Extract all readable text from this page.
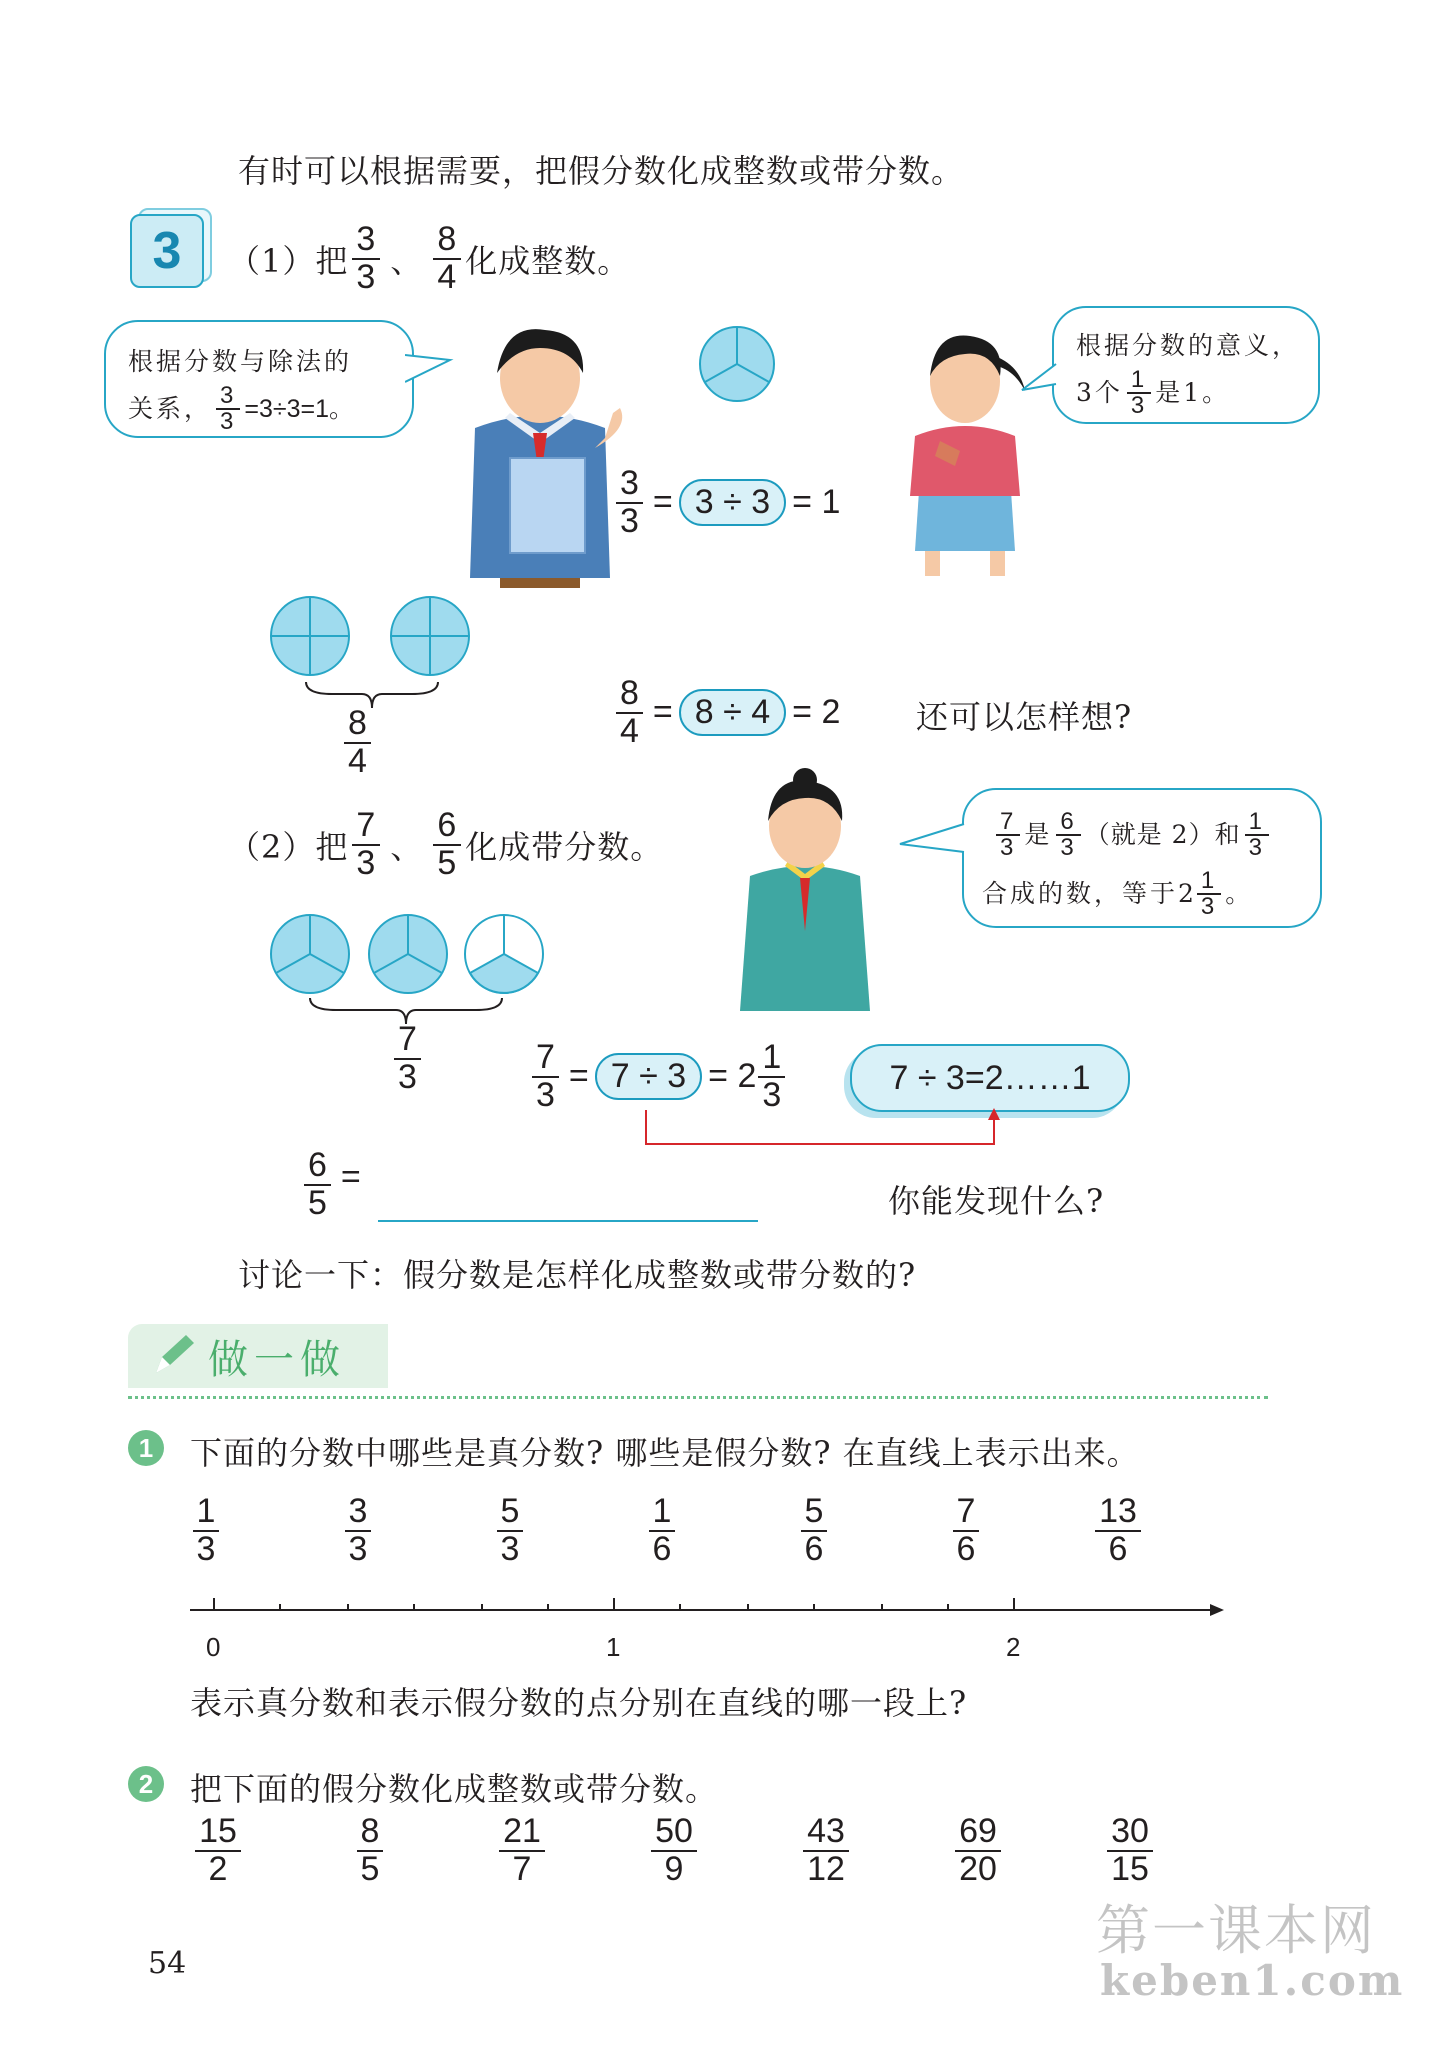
有时可以根据需要，把假分数化成整数或带分数。
3 （1）把 $\frac{3}{3}$ 、 $\frac{8}{4}$ 化成整数。
根据分数与除法的
关系， $\frac{3}{3} =3\div 3=1$。
根据分数的意义，
3个 $\frac{1}{3}$ 是1。
$\frac{3}{3} = 3 \div 3 = 1$
$\frac{8}{4}$	$\frac{8}{4} = 8 \div 4 = 2$ 还可以怎样想?
（2）把 $\frac{7}{3}$ 、 $\frac{6}{5}$ 化成带分数。	$\frac{7}{3}$ 是 $\frac{6}{3}$ （就是 2）和 $\frac{1}{3}$
合成的数，等于$2 \frac{1}{3}$ 。
$\frac{7}{3}$	$\frac{7}{3} = 7 \div 3 = 2 \frac{1}{3}$	7 ÷ 3=2……1
$\frac{6}{5}$ =
你能发现什么?
讨论一下：假分数是怎样化成整数或带分数的?
做一做
1	下面的分数中哪些是真分数? 哪些是假分数? 在直线上表示出来。
$\frac{1}{3}$	$\frac{3}{3}$	$\frac{5}{3}$	$\frac{1}{6}$	$\frac{5}{6}$	$\frac{7}{6}$	$\frac{13}{6}$
0	1	2
表示真分数和表示假分数的点分别在直线的哪一段上?
2	把下面的假分数化成整数或带分数。
$\frac{15}{2}$	$\frac{8}{5}$	$\frac{21}{7}$	$\frac{50}{9}$	$\frac{43}{12}$	$\frac{69}{20}$	$\frac{30}{15}$
54
第一课本网
keben1.com
